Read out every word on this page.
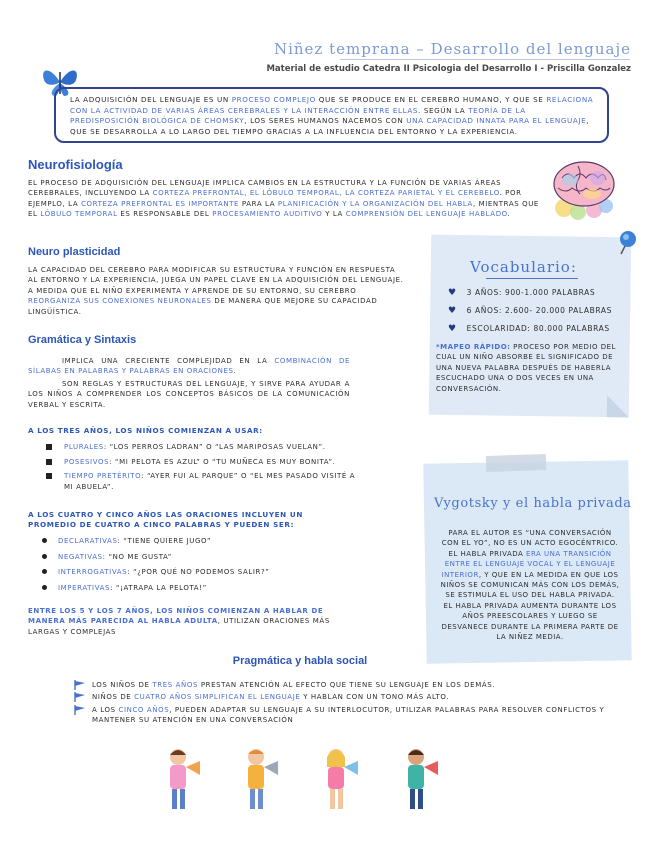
Niñez temprana – Desarrollo del lenguaje
Material de estudio Catedra II Psicologia del Desarrollo I - Priscilla Gonzalez
LA ADQUISICIÓN DEL LENGUAJE ES UN PROCESO COMPLEJO QUE SE PRODUCE EN EL CEREBRO HUMANO, Y QUE SE RELACIONA CON LA ACTIVIDAD DE VARIAS ÁREAS CEREBRALES Y LA INTERACCIÓN ENTRE ELLAS. SEGÚN LA TEORÍA DE LA PREDISPOSICIÓN BIOLÓGICA DE CHOMSKY, LOS SERES HUMANOS NACEMOS CON UNA CAPACIDAD INNATA PARA EL LENGUAJE, QUE SE DESARROLLA A LO LARGO DEL TIEMPO GRACIAS A LA INFLUENCIA DEL ENTORNO Y LA EXPERIENCIA.
Neurofisiología
EL PROCESO DE ADQUISICIÓN DEL LENGUAJE IMPLICA CAMBIOS EN LA ESTRUCTURA Y LA FUNCIÓN DE VARIAS ÁREAS CEREBRALES, INCLUYENDO LA CORTEZA PREFRONTAL, EL LÓBULO TEMPORAL, LA CORTEZA PARIETAL Y EL CEREBELO. POR EJEMPLO, LA CORTEZA PREFRONTAL ES IMPORTANTE PARA LA PLANIFICACIÓN Y LA ORGANIZACIÓN DEL HABLA, MIENTRAS QUE EL LÓBULO TEMPORAL ES RESPONSABLE DEL PROCESAMIENTO AUDITIVO Y LA COMPRENSIÓN DEL LENGUAJE HABLADO.
Neuro plasticidad
LA CAPACIDAD DEL CEREBRO PARA MODIFICAR SU ESTRUCTURA Y FUNCIÓN EN RESPUESTA AL ENTORNO Y LA EXPERIENCIA, JUEGA UN PAPEL CLAVE EN LA ADQUISICIÓN DEL LENGUAJE. A MEDIDA QUE EL NIÑO EXPERIMENTA Y APRENDE DE SU ENTORNO, SU CEREBRO REORGANIZA SUS CONEXIONES NEURONALES DE MANERA QUE MEJORE SU CAPACIDAD LINGÜÍSTICA.
Vocabulario:
♥ 3 AÑOS: 900-1.000 PALABRAS
♥ 6 AÑOS: 2.600- 20.000 PALABRAS
♥ ESCOLARIDAD: 80.000 PALABRAS
*MAPEO RÁPIDO: PROCESO POR MEDIO DEL CUAL UN NIÑO ABSORBE EL SIGNIFICADO DE UNA NUEVA PALABRA DESPUÉS DE HABERLA ESCUCHADO UNA O DOS VECES EN UNA CONVERSACIÓN.
Gramática y Sintaxis
IMPLICA UNA CRECIENTE COMPLEJIDAD EN LA COMBINACIÓN DE SÍLABAS EN PALABRAS Y PALABRAS EN ORACIONES.
SON REGLAS Y ESTRUCTURAS DEL LENGUAJE, Y SIRVE PARA AYUDAR A LOS NIÑOS A COMPRENDER LOS CONCEPTOS BÁSICOS DE LA COMUNICACIÓN VERBAL Y ESCRITA.
A LOS TRES AÑOS, LOS NIÑOS COMIENZAN A USAR:
PLURALES: “LOS PERROS LADRAN” O “LAS MARIPOSAS VUELAN”.
POSESIVOS: “MI PELOTA ES AZUL” O “TU MUÑECA ES MUY BONITA”.
TIEMPO PRETÉRITO: “AYER FUI AL PARQUE” O “EL MES PASADO VISITÉ A MI ABUELA”.
A LOS CUATRO Y CINCO AÑOS LAS ORACIONES INCLUYEN UN PROMEDIO DE CUATRO A CINCO PALABRAS Y PUEDEN SER:
DECLARATIVAS: “TIENE QUIERE JUGO”
NEGATIVAS: “NO ME GUSTA”
INTERROGATIVAS: “¿POR QUÉ NO PODEMOS SALIR?”
IMPERATIVAS: “¡ATRAPA LA PELOTA!”
ENTRE LOS 5 Y LOS 7 AÑOS, LOS NIÑOS COMIENZAN A HABLAR DE MANERA MÁS PARECIDA AL HABLA ADULTA, UTILIZAN ORACIONES MÁS LARGAS Y COMPLEJAS
Vygotsky y el habla privada
PARA EL AUTOR ES “UNA CONVERSACIÓN CON EL YO”, NO ES UN ACTO EGOCÉNTRICO. EL HABLA PRIVADA ERA UNA TRANSICIÓN ENTRE EL LENGUAJE VOCAL Y EL LENGUAJE INTERIOR, Y QUE EN LA MEDIDA EN QUE LOS NIÑOS SE COMUNICAN MÁS CON LOS DEMÁS, SE ESTIMULA EL USO DEL HABLA PRIVADA. EL HABLA PRIVADA AUMENTA DURANTE LOS AÑOS PREESCOLARES Y LUEGO SE DESVANECE DURANTE LA PRIMERA PARTE DE LA NIÑEZ MEDIA.
Pragmática y habla social
LOS NIÑOS DE TRES AÑOS PRESTAN ATENCIÓN AL EFECTO QUE TIENE SU LENGUAJE EN LOS DEMÁS.
NIÑOS DE CUATRO AÑOS SIMPLIFICAN EL LENGUAJE Y HABLAN CON UN TONO MÁS ALTO.
A LOS CINCO AÑOS, PUEDEN ADAPTAR SU LENGUAJE A SU INTERLOCUTOR, UTILIZAR PALABRAS PARA RESOLVER CONFLICTOS Y MANTENER SU ATENCIÓN EN UNA CONVERSACIÓN
